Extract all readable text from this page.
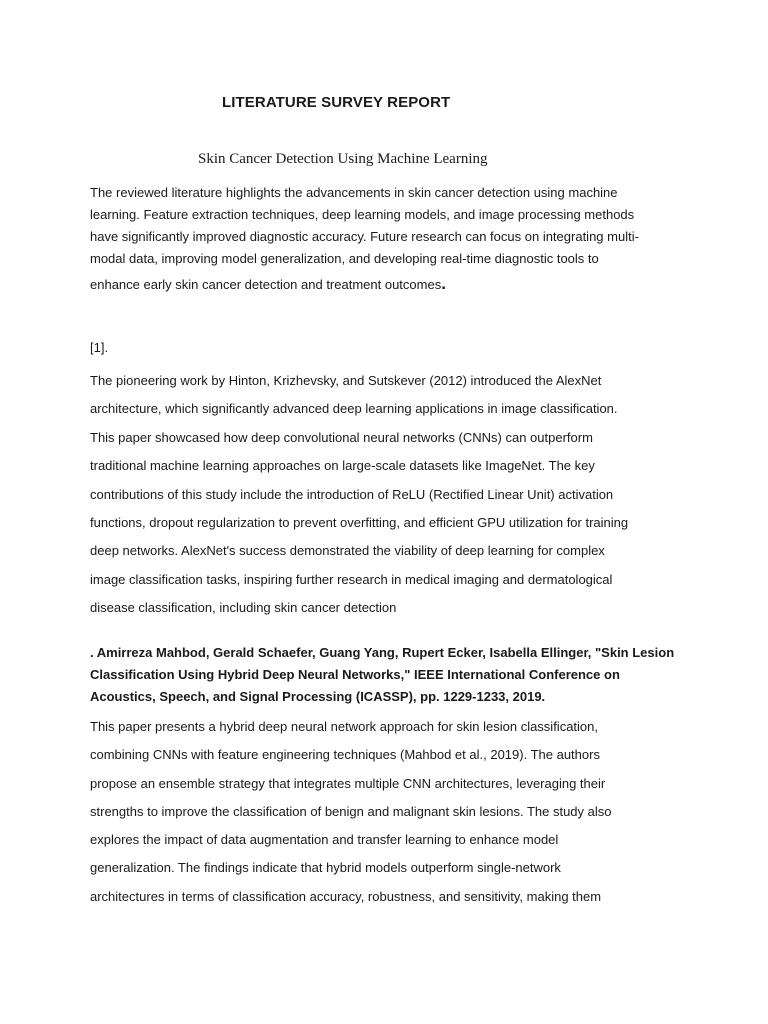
LITERATURE SURVEY REPORT
Skin Cancer Detection Using Machine Learning
The reviewed literature highlights the advancements in skin cancer detection using machine
learning. Feature extraction techniques, deep learning models, and image processing methods
have significantly improved diagnostic accuracy. Future research can focus on integrating multi-
modal data, improving model generalization, and developing real-time diagnostic tools to
enhance early skin cancer detection and treatment outcomes.
[1].
The pioneering work by Hinton, Krizhevsky, and Sutskever (2012) introduced the AlexNet
architecture, which significantly advanced deep learning applications in image classification.
This paper showcased how deep convolutional neural networks (CNNs) can outperform
traditional machine learning approaches on large-scale datasets like ImageNet. The key
contributions of this study include the introduction of ReLU (Rectified Linear Unit) activation
functions, dropout regularization to prevent overfitting, and efficient GPU utilization for training
deep networks. AlexNet's success demonstrated the viability of deep learning for complex
image classification tasks, inspiring further research in medical imaging and dermatological
disease classification, including skin cancer detection
. Amirreza Mahbod, Gerald Schaefer, Guang Yang, Rupert Ecker, Isabella Ellinger, "Skin Lesion
Classification Using Hybrid Deep Neural Networks," IEEE International Conference on
Acoustics, Speech, and Signal Processing (ICASSP), pp. 1229-1233, 2019.
This paper presents a hybrid deep neural network approach for skin lesion classification,
combining CNNs with feature engineering techniques (Mahbod et al., 2019). The authors
propose an ensemble strategy that integrates multiple CNN architectures, leveraging their
strengths to improve the classification of benign and malignant skin lesions. The study also
explores the impact of data augmentation and transfer learning to enhance model
generalization. The findings indicate that hybrid models outperform single-network
architectures in terms of classification accuracy, robustness, and sensitivity, making them
